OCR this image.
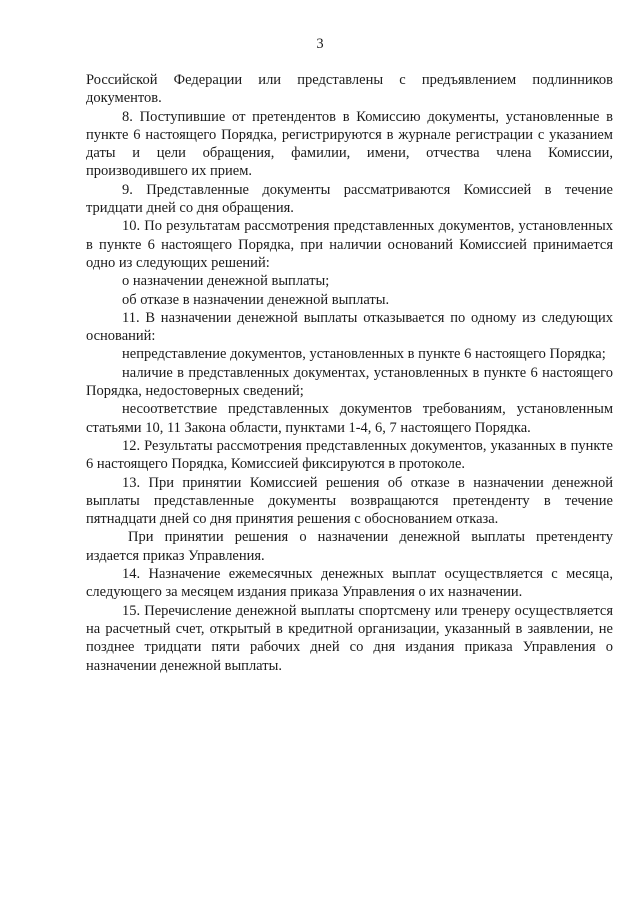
3

Российской Федерации или представлены с предъявлением подлинников документов.

8. Поступившие от претендентов в Комиссию документы, установленные в пункте 6 настоящего Порядка, регистрируются в журнале регистрации с указанием даты и цели обращения, фамилии, имени, отчества члена Комиссии, производившего их прием.

9. Представленные документы рассматриваются Комиссией в течение тридцати дней со дня обращения.

10. По результатам рассмотрения представленных документов, установленных в пункте 6 настоящего Порядка, при наличии оснований Комиссией принимается одно из следующих решений:

о назначении денежной выплаты;

об отказе в назначении денежной выплаты.

11. В назначении денежной выплаты отказывается по одному из следующих оснований:

непредставление документов, установленных в пункте 6 настоящего Порядка;

наличие в представленных документах, установленных в пункте 6 настоящего Порядка, недостоверных сведений;

несоответствие представленных документов требованиям, установленным статьями 10, 11 Закона области, пунктами 1-4, 6, 7 настоящего Порядка.

12. Результаты рассмотрения представленных документов, указанных в пункте 6 настоящего Порядка, Комиссией фиксируются в протоколе.

13. При принятии Комиссией решения об отказе в назначении денежной выплаты представленные документы возвращаются претенденту в течение пятнадцати дней со дня принятия решения с обоснованием отказа.

При принятии решения о назначении денежной выплаты претенденту издается приказ Управления.

14. Назначение ежемесячных денежных выплат осуществляется с месяца, следующего за месяцем издания приказа Управления о их назначении.

15. Перечисление денежной выплаты спортсмену или тренеру осуществляется на расчетный счет, открытый в кредитной организации, указанный в заявлении, не позднее тридцати пяти рабочих дней со дня издания приказа Управления о назначении денежной выплаты.
